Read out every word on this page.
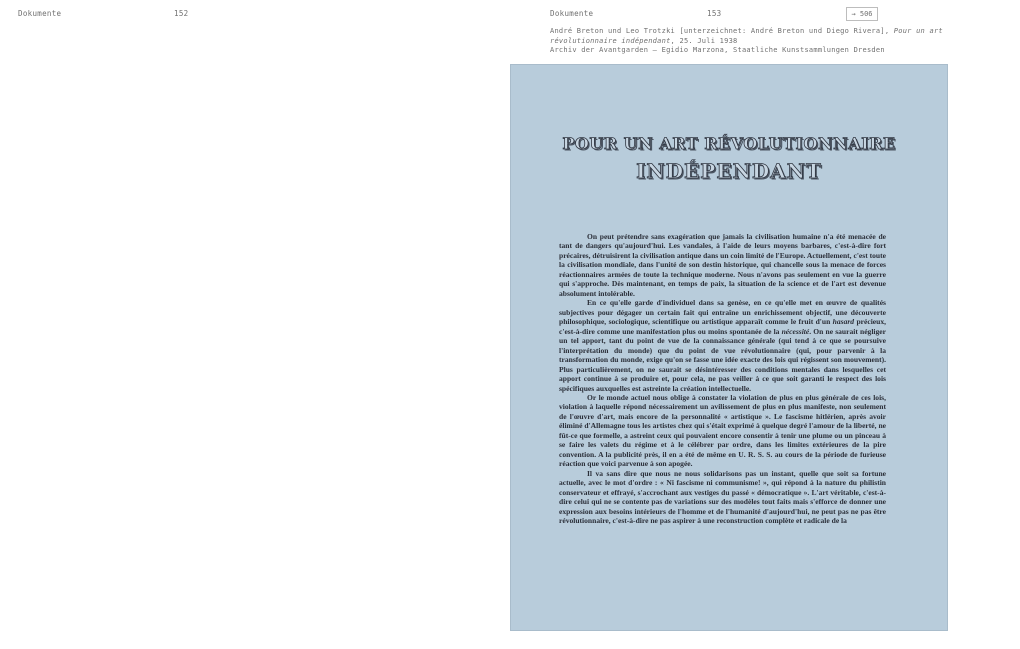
Dokumente	152	Dokumente	153	→ 506
André Breton und Leo Trotzki [unterzeichnet: André Breton und Diego Rivera], Pour un art
révolutionnaire indépendant, 25. Juli 1938
Archiv der Avantgarden – Egidio Marzona, Staatliche Kunstsammlungen Dresden
POUR UN ART RÉVOLUTIONNAIRE
INDÉPENDANT

On peut prétendre sans exagération que jamais la civilisation humaine n'a été menacée de tant de dangers qu'aujourd'hui. Les vandales, à l'aide de leurs moyens barbares, c'est-à-dire fort précaires, détruisirent la civilisation antique dans un coin limité de l'Europe. Actuellement, c'est toute la civilisation mondiale, dans l'unité de son destin historique, qui chancelle sous la menace de forces réactionnaires armées de toute la technique moderne. Nous n'avons pas seulement en vue la guerre qui s'approche. Dès maintenant, en temps de paix, la situation de la science et de l'art est devenue absolument intolérable.

En ce qu'elle garde d'individuel dans sa genèse, en ce qu'elle met en œuvre de qualités subjectives pour dégager un certain fait qui entraîne un enrichissement objectif, une découverte philosophique, sociologique, scientifique ou artistique apparaît comme le fruit d'un hasard précieux, c'est-à-dire comme une manifestation plus ou moins spontanée de la nécessité. On ne saurait négliger un tel apport, tant du point de vue de la connaissance générale (qui tend à ce que se poursuive l'interprétation du monde) que du point de vue révolutionnaire (qui, pour parvenir à la transformation du monde, exige qu'on se fasse une idée exacte des lois qui régissent son mouvement). Plus particulièrement, on ne saurait se désintéresser des conditions mentales dans lesquelles cet apport continue à se produire et, pour cela, ne pas veiller à ce que soit garanti le respect des lois spécifiques auxquelles est astreinte la création intellectuelle.

Or le monde actuel nous oblige à constater la violation de plus en plus générale de ces lois, violation à laquelle répond nécessairement un avilissement de plus en plus manifeste, non seulement de l'œuvre d'art, mais encore de la personnalité « artistique ». Le fascisme hitlérien, après avoir éliminé d'Allemagne tous les artistes chez qui s'était exprimé à quelque degré l'amour de la liberté, ne fût-ce que formelle, a astreint ceux qui pouvaient encore consentir à tenir une plume ou un pinceau à se faire les valets du régime et à le célébrer par ordre, dans les limites extérieures de la pire convention. A la publicité près, il en a été de même en U. R. S. S. au cours de la période de furieuse réaction que voici parvenue à son apogée.

Il va sans dire que nous ne nous solidarisons pas un instant, quelle que soit sa fortune actuelle, avec le mot d'ordre : « Ni fascisme ni communisme! », qui répond à la nature du philistin conservateur et effrayé, s'accrochant aux vestiges du passé « démocratique ». L'art véritable, c'est-à-dire celui qui ne se contente pas de variations sur des modèles tout faits mais s'efforce de donner une expression aux besoins intérieurs de l'homme et de l'humanité d'aujourd'hui, ne peut pas ne pas être révolutionnaire, c'est-à-dire ne pas aspirer à une reconstruction complète et radicale de la
